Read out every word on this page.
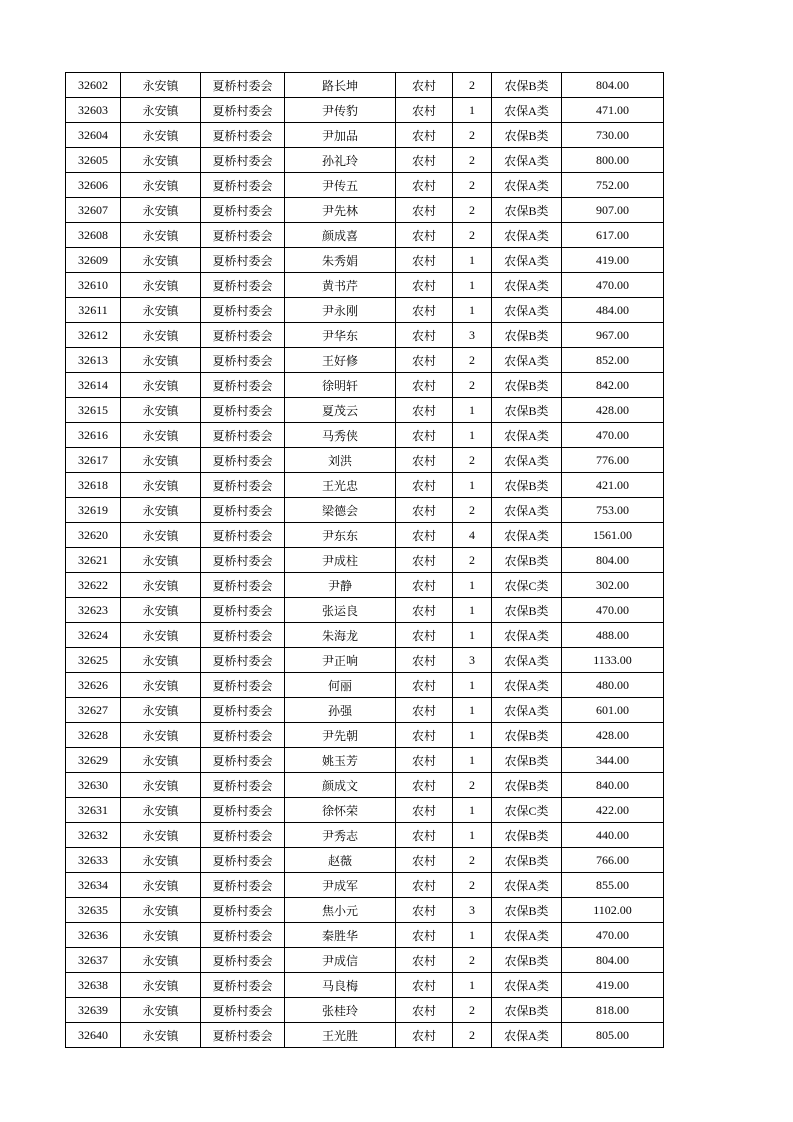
32602	永安镇	夏桥村委会	路长坤	农村	2	农保B类	804.00
32603	永安镇	夏桥村委会	尹传豹	农村	1	农保A类	471.00
32604	永安镇	夏桥村委会	尹加品	农村	2	农保B类	730.00
32605	永安镇	夏桥村委会	孙礼玲	农村	2	农保A类	800.00
32606	永安镇	夏桥村委会	尹传五	农村	2	农保A类	752.00
32607	永安镇	夏桥村委会	尹先林	农村	2	农保B类	907.00
32608	永安镇	夏桥村委会	颜成喜	农村	2	农保A类	617.00
32609	永安镇	夏桥村委会	朱秀娟	农村	1	农保A类	419.00
32610	永安镇	夏桥村委会	黄书芹	农村	1	农保A类	470.00
32611	永安镇	夏桥村委会	尹永刚	农村	1	农保A类	484.00
32612	永安镇	夏桥村委会	尹华东	农村	3	农保B类	967.00
32613	永安镇	夏桥村委会	王好修	农村	2	农保A类	852.00
32614	永安镇	夏桥村委会	徐明轩	农村	2	农保B类	842.00
32615	永安镇	夏桥村委会	夏茂云	农村	1	农保B类	428.00
32616	永安镇	夏桥村委会	马秀侠	农村	1	农保A类	470.00
32617	永安镇	夏桥村委会	刘洪	农村	2	农保A类	776.00
32618	永安镇	夏桥村委会	王光忠	农村	1	农保B类	421.00
32619	永安镇	夏桥村委会	梁德会	农村	2	农保A类	753.00
32620	永安镇	夏桥村委会	尹东东	农村	4	农保A类	1561.00
32621	永安镇	夏桥村委会	尹成柱	农村	2	农保B类	804.00
32622	永安镇	夏桥村委会	尹静	农村	1	农保C类	302.00
32623	永安镇	夏桥村委会	张运良	农村	1	农保B类	470.00
32624	永安镇	夏桥村委会	朱海龙	农村	1	农保A类	488.00
32625	永安镇	夏桥村委会	尹正响	农村	3	农保A类	1133.00
32626	永安镇	夏桥村委会	何丽	农村	1	农保A类	480.00
32627	永安镇	夏桥村委会	孙强	农村	1	农保A类	601.00
32628	永安镇	夏桥村委会	尹先朝	农村	1	农保B类	428.00
32629	永安镇	夏桥村委会	姚玉芳	农村	1	农保B类	344.00
32630	永安镇	夏桥村委会	颜成文	农村	2	农保B类	840.00
32631	永安镇	夏桥村委会	徐怀荣	农村	1	农保C类	422.00
32632	永安镇	夏桥村委会	尹秀志	农村	1	农保B类	440.00
32633	永安镇	夏桥村委会	赵薇	农村	2	农保B类	766.00
32634	永安镇	夏桥村委会	尹成军	农村	2	农保A类	855.00
32635	永安镇	夏桥村委会	焦小元	农村	3	农保B类	1102.00
32636	永安镇	夏桥村委会	秦胜华	农村	1	农保A类	470.00
32637	永安镇	夏桥村委会	尹成信	农村	2	农保B类	804.00
32638	永安镇	夏桥村委会	马良梅	农村	1	农保A类	419.00
32639	永安镇	夏桥村委会	张桂玲	农村	2	农保B类	818.00
32640	永安镇	夏桥村委会	王光胜	农村	2	农保A类	805.00
